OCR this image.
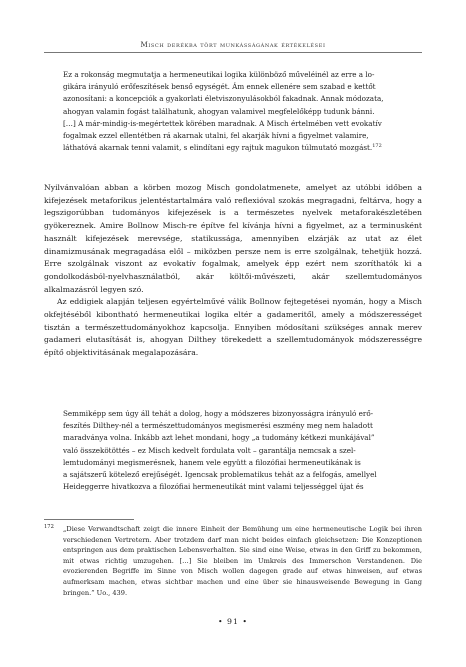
Misch derékba tört munkásságának értékelései

Ez a rokonság megmutatja a hermeneutikai logika különböző műveléinél az erre a lo-

gikára irányuló erőfeszítések benső egységét. Ám ennek ellenére sem szabad e kettőt

azonosítani: a koncepciók a gyakorlati életviszonyulásokból fakadnak. Annak módozata,

ahogyan valamin fogást találhatunk, ahogyan valamivel megfelelőképp tudunk bánni.

[…] A már-mindig-is-megértettek körében maradnak. A Misch értelmében vett evokatív

fogalmak ezzel ellentétben rá akarnak utalni, fel akarják hívni a figyelmet valamire,

láthatóvá akarnak tenni valamit, s elindítani egy rajtuk magukon túlmutató mozgást.$^{172}$

Nyilvánvalóan abban a körben mozog Misch gondolatmenete, amelyet az utóbbi időben a kifejezések metaforikus jelentéstartalmára való reflexióval szokás megragadni, feltárva, hogy a legszigorúbban tudományos kifejezések is a természetes nyelvek metaforakészletében gyökereznek. Amire Bollnow Misch-re építve fel kívánja hívni a figyelmet, az a terminusként használt kifejezések merevsége, statikussága, amennyiben elzárják az utat az élet dinamizmusának megragadása elől – miközben persze nem is erre szolgálnak, tehetjük hozzá. Erre szolgálnak viszont az evokatív fogalmak, amelyek épp ezért nem szoríthatók ki a gondolkodásból-nyelvhasználatból, akár költői-művészeti, akár szellemtudományos alkalmazásról legyen szó.

Az eddigiek alapján teljesen egyértelművé válik Bollnow fejtegetései nyomán, hogy a Misch okfejtéséből kibontható hermeneutikai logika eltér a gadameritől, amely a módszerességet tisztán a természettudományokhoz kapcsolja. Ennyiben módosítani szükséges annak merev gadameri elutasítását is, ahogyan Dilthey törekedett a szellemtudományok módszerességre építő objektivitásának megalapozására.

Semmiképp sem úgy áll tehát a dolog, hogy a módszeres bizonyosságra irányuló erő-

feszítés Dilthey-nél a természettudományos megismerési eszmény meg nem haladott

maradványa volna. Inkább azt lehet mondani, hogy „a tudomány kétkezi munkájával”

való összekötöttés – ez Misch kedvelt fordulata volt – garantálja nemcsak a szel-

lemtudományi megismerésnek, hanem vele együtt a filozófiai hermeneutikának is

a sajátszerű kötelező erejűségét. Igencsak problematikus tehát az a felfogás, amellyel

Heideggerre hivatkozva a filozófiai hermeneutikát mint valami teljességgel újat és

172 „Diese Verwandtschaft zeigt die innere Einheit der Bemühung um eine hermeneutische Logik bei ihren verschiedenen Vertretern. Aber trotzdem darf man nicht beides einfach gleichsetzen: Die Konzeptionen entspringen aus dem praktischen Lebensverhalten. Sie sind eine Weise, etwas in den Griff zu bekommen, mit etwas richtig umzugehen. […] Sie bleiben im Umkreis des Immerschon Verstandenen. Die evozierenden Begriffe im Sinne von Misch wollen dagegen grade auf etwas hinweisen, auf etwas aufmerksam machen, etwas sichtbar machen und eine über sie hinausweisende Bewegung in Gang bringen.” Uo., 439.

• 91 •
